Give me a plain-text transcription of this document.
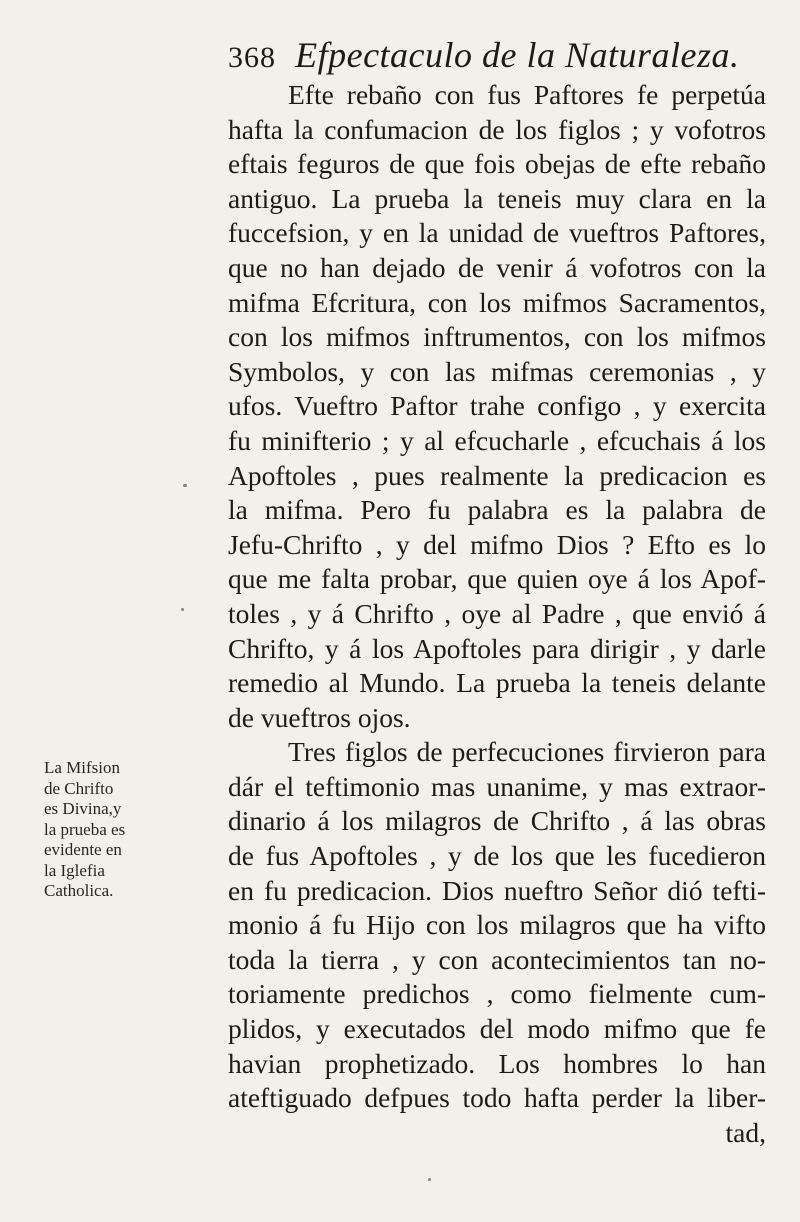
368 Efpectaculo de la Naturaleza.
Efte rebaño con fus Paftores fe perpetúa
hafta la confumacion de los figlos ; y vofotros
eftais feguros de que fois obejas de efte rebaño
antiguo. La prueba la teneis muy clara en la
fuccefsion, y en la unidad de vueftros Paftores,
que no han dejado de venir á vofotros con la
mifma Efcritura, con los mifmos Sacramentos,
con los mifmos inftrumentos, con los mifmos
Symbolos, y con las mifmas ceremonias , y
ufos. Vueftro Paftor trahe configo , y exercita
fu minifterio ; y al efcucharle , efcuchais á los
Apoftoles , pues realmente la predicacion es
la mifma. Pero fu palabra es la palabra de
Jefu-Chrifto , y del mifmo Dios ? Efto es lo
que me falta probar, que quien oye á los Apof-
toles , y á Chrifto , oye al Padre , que envió á
Chrifto, y á los Apoftoles para dirigir , y darle
remedio al Mundo. La prueba la teneis delante
de vueftros ojos.
Tres figlos de perfecuciones firvieron para
dár el teftimonio mas unanime, y mas extraor-
dinario á los milagros de Chrifto , á las obras
de fus Apoftoles , y de los que les fucedieron
en fu predicacion. Dios nueftro Señor dió tefti-
monio á fu Hijo con los milagros que ha vifto
toda la tierra , y con acontecimientos tan no-
toriamente predichos , como fielmente cum-
plidos, y executados del modo mifmo que fe
havian prophetizado. Los hombres lo han
ateftiguado defpues todo hafta perder la liber-
tad,
La Mifsion
de Chrifto
es Divina,y
la prueba es
evidente en
la Iglefia
Catholica.
